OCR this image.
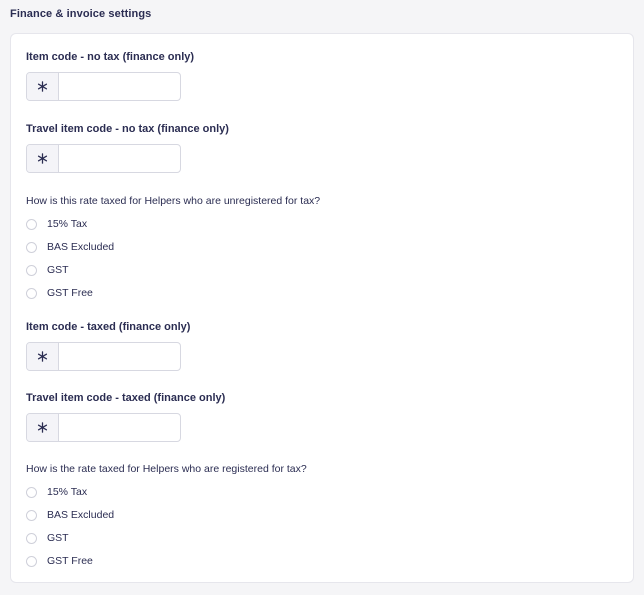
Finance & invoice settings
Item code - no tax (finance only)
Travel item code - no tax (finance only)
How is this rate taxed for Helpers who are unregistered for tax?
15% Tax
BAS Excluded
GST
GST Free
Item code - taxed (finance only)
Travel item code - taxed (finance only)
How is the rate taxed for Helpers who are registered for tax?
15% Tax
BAS Excluded
GST
GST Free
